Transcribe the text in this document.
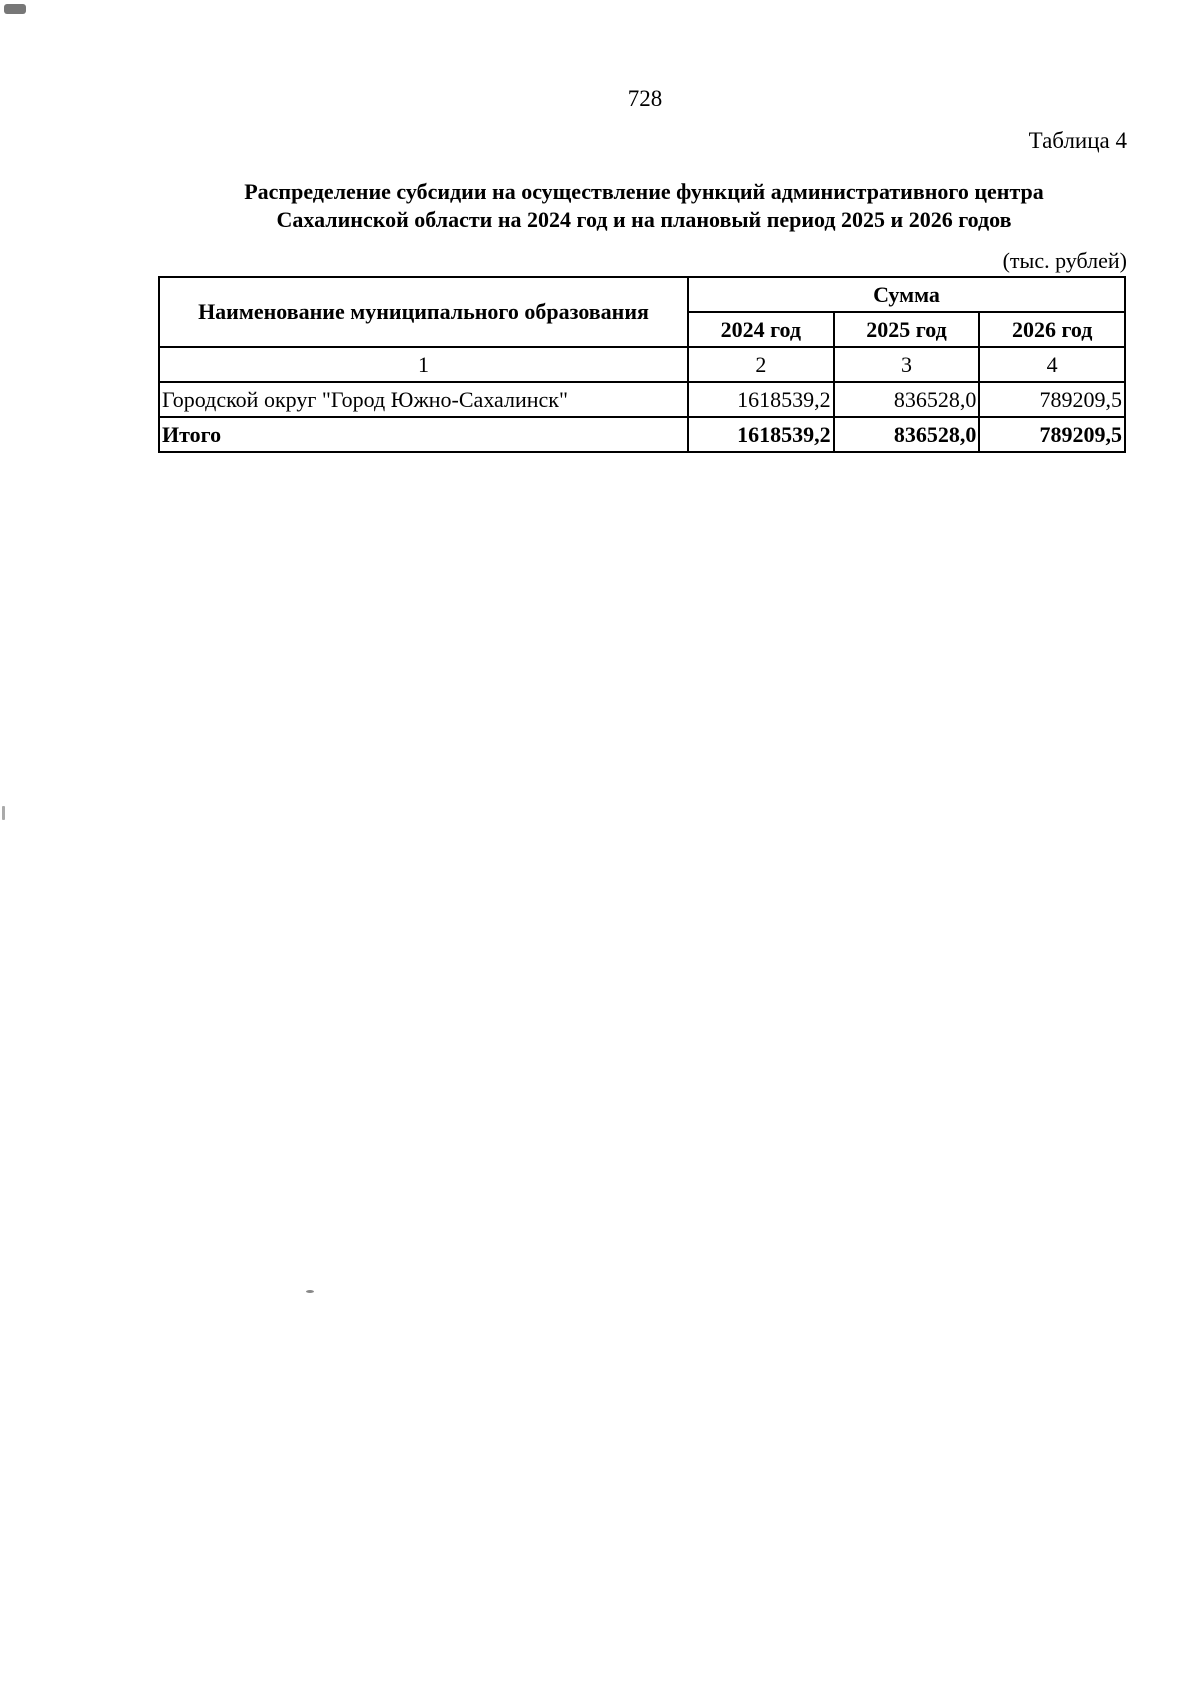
728
Таблица 4
Распределение субсидии на осуществление функций административного центра
Сахалинской области на 2024 год и на плановый период 2025 и 2026 годов
(тыс. рублей)
Наименование муниципального образования	Сумма		
	2024 год	2025 год	2026 год
1	2	3	4
Городской округ "Город Южно-Сахалинск"	1618539,2	836528,0	789209,5
Итого	1618539,2	836528,0	789209,5
